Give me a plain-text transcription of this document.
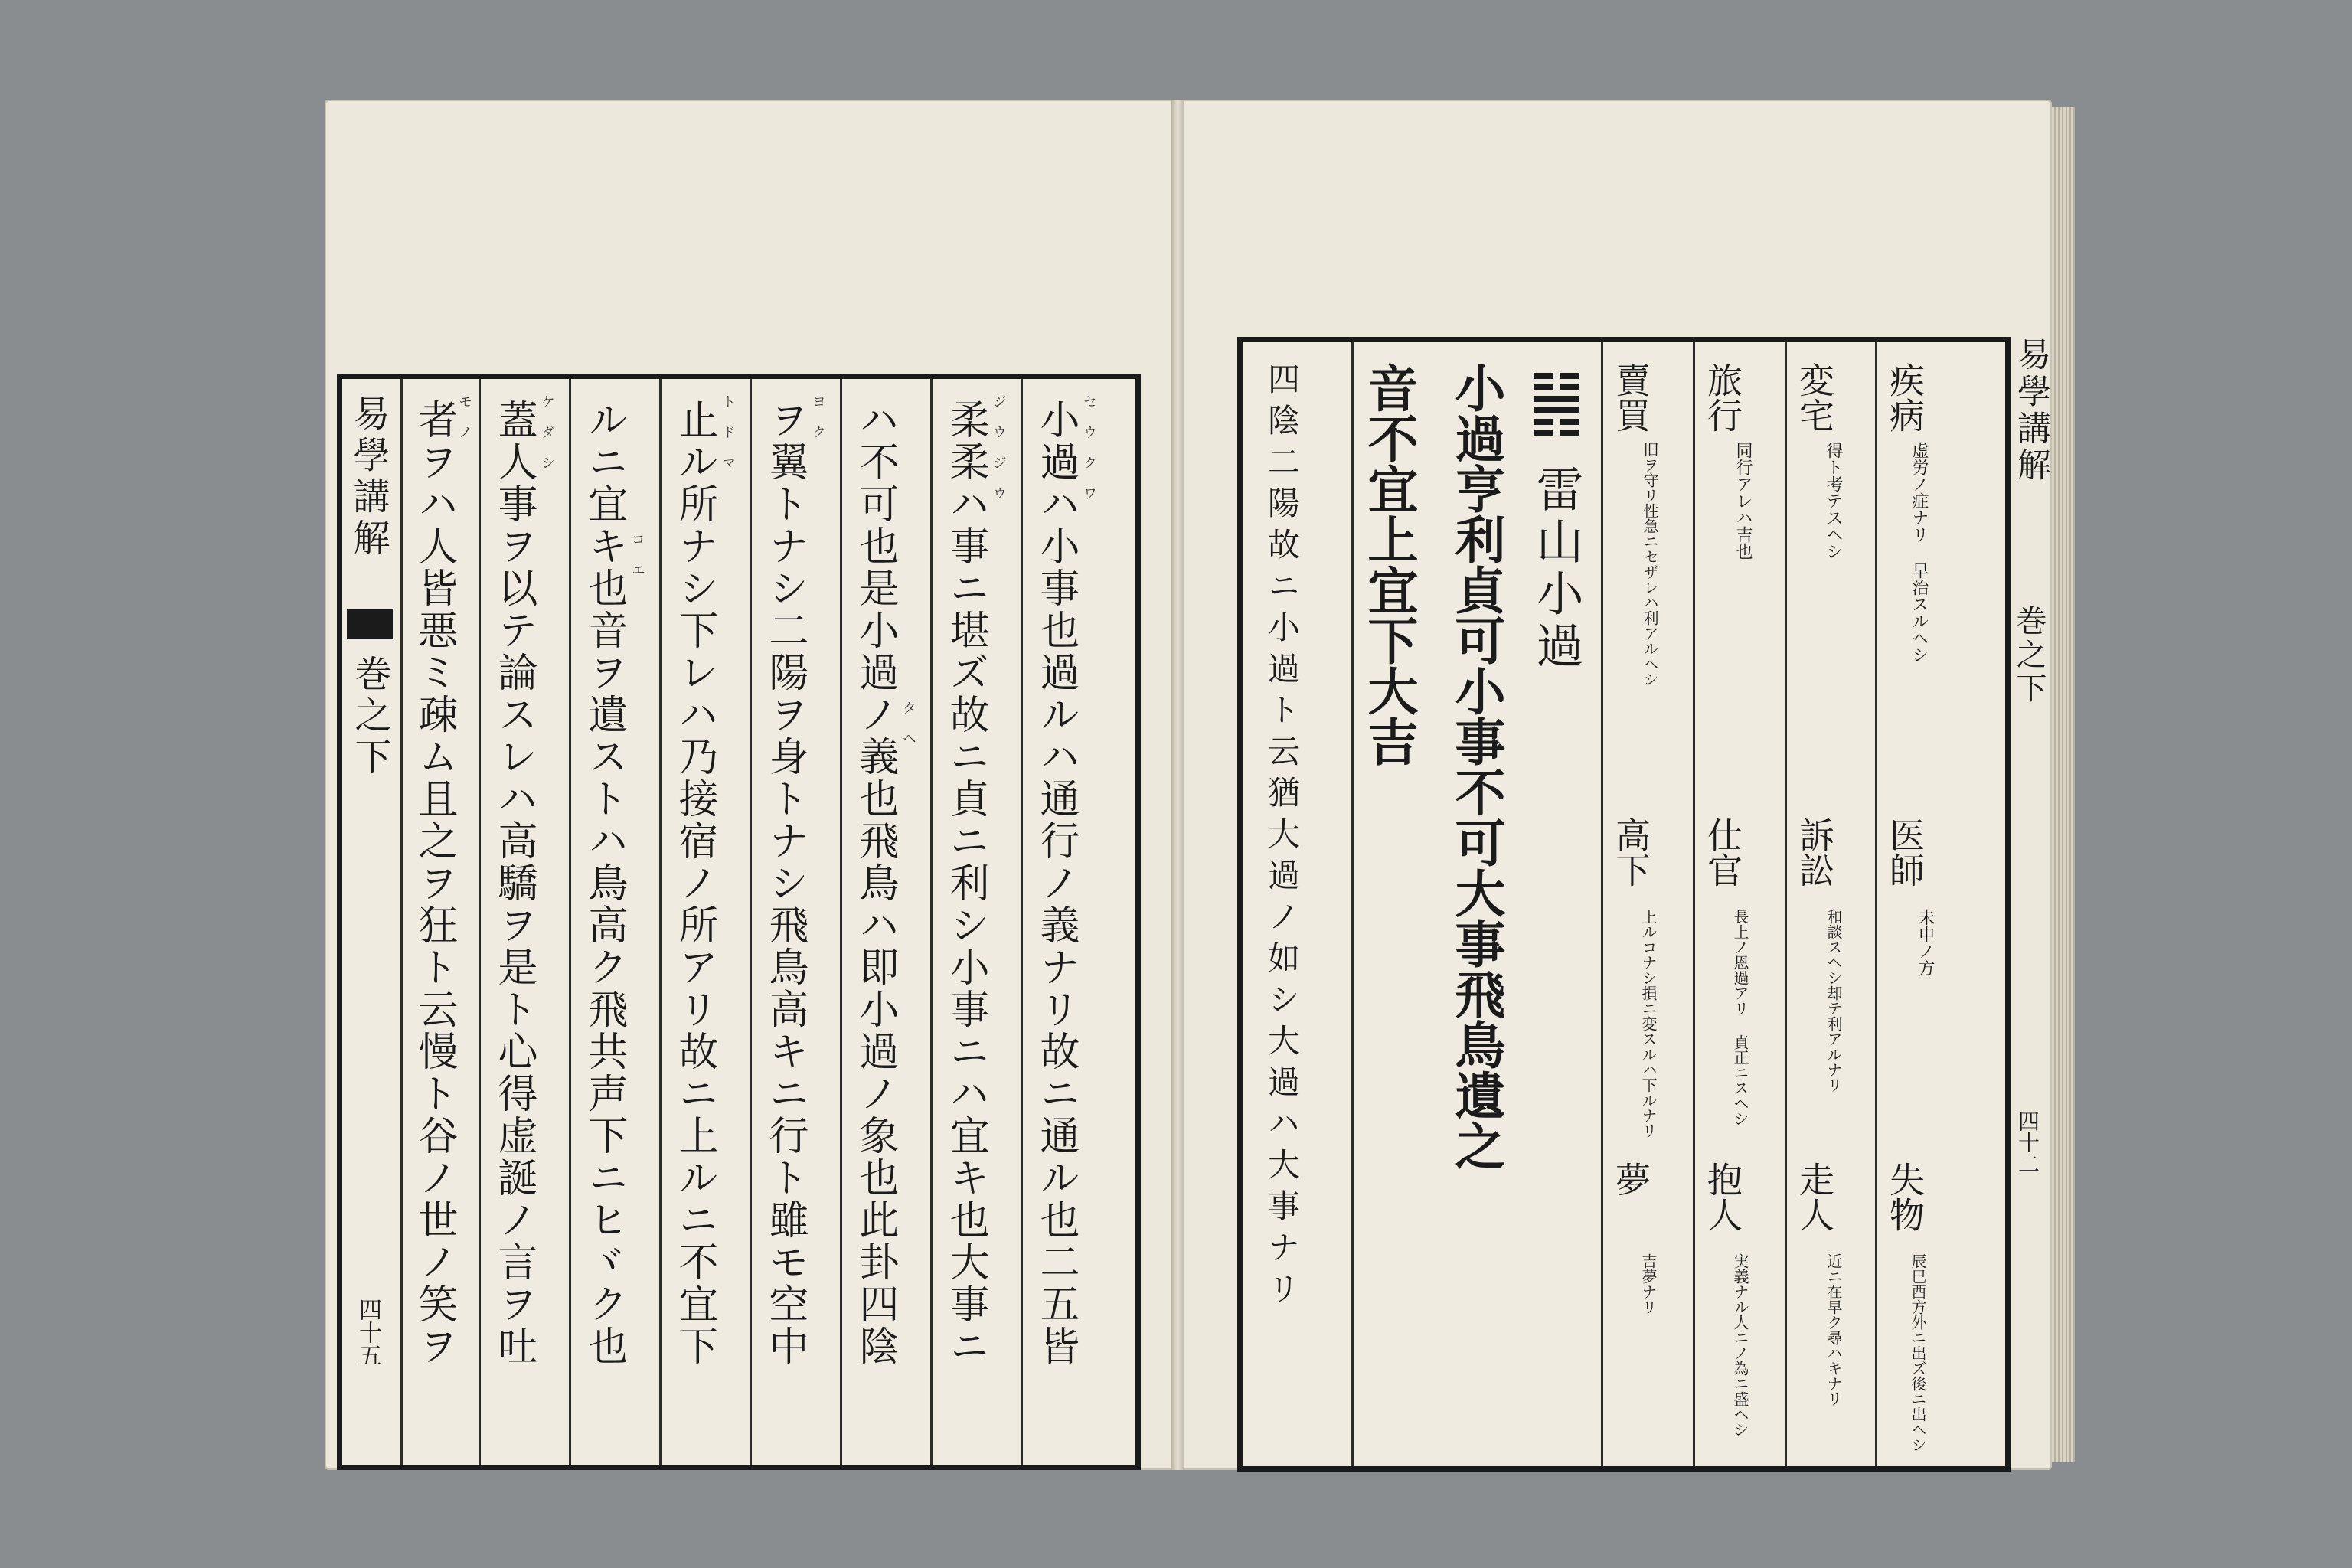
易學講解
巻之下
四十五	小過ハ小事也過ルハ通行ノ義ナリ故ニ通ル也二五皆 セウクワ
柔柔ハ事ニ堪ズ故ニ貞ニ利シ小事ニハ宜キ也大事ニ ジウジウ
ハ不可也是小過ノ義也飛鳥ハ即小過ノ象也此卦四陰 タヘ
ヲ翼トナシ二陽ヲ身トナシ飛鳥高キニ行ト雖モ空中 ヨク
止ル所ナシ下レハ乃接宿ノ所アリ故ニ上ルニ不宜下 トドマ
ルニ宜キ也音ヲ遺ストハ鳥高ク飛共声下ニヒヾク也 コエ
蓋人事ヲ以テ論スレハ高驕ヲ是ト心得虚誕ノ言ヲ吐 ケダシ
者ヲハ人皆悪ミ疎ム且之ヲ狂ト云慢ト谷ノ世ノ笑ヲ モノ	易學講解
巻之下
四十二
疾病
虚労ノ症ナリ 早治スルヘシ
医師
未申ノ方
失物
辰巳酉方外ニ出ズ後ニ出ヘシ
変宅
得ト考テスヘシ
訴訟
和談スヘシ却テ利アルナリ
走人
近ニ在早ク尋ハキナリ
旅行
同行アレハ吉也
仕官
長上ノ恩過アリ 貞正ニスヘシ
抱人
実義ナル人ニノ為ニ盛ヘシ
賣買
旧ヲ守リ性急ニセザレハ利アルヘシ
高下
上ルコナシ損ニ変スルハ下ルナリ
夢
吉夢ナリ
雷山小過
小過亨利貞可小事不可大事飛鳥遺之
音不宜上宜下大吉
四陰二陽故ニ小過ト云猶大過ノ如シ大過ハ大事ナリ
